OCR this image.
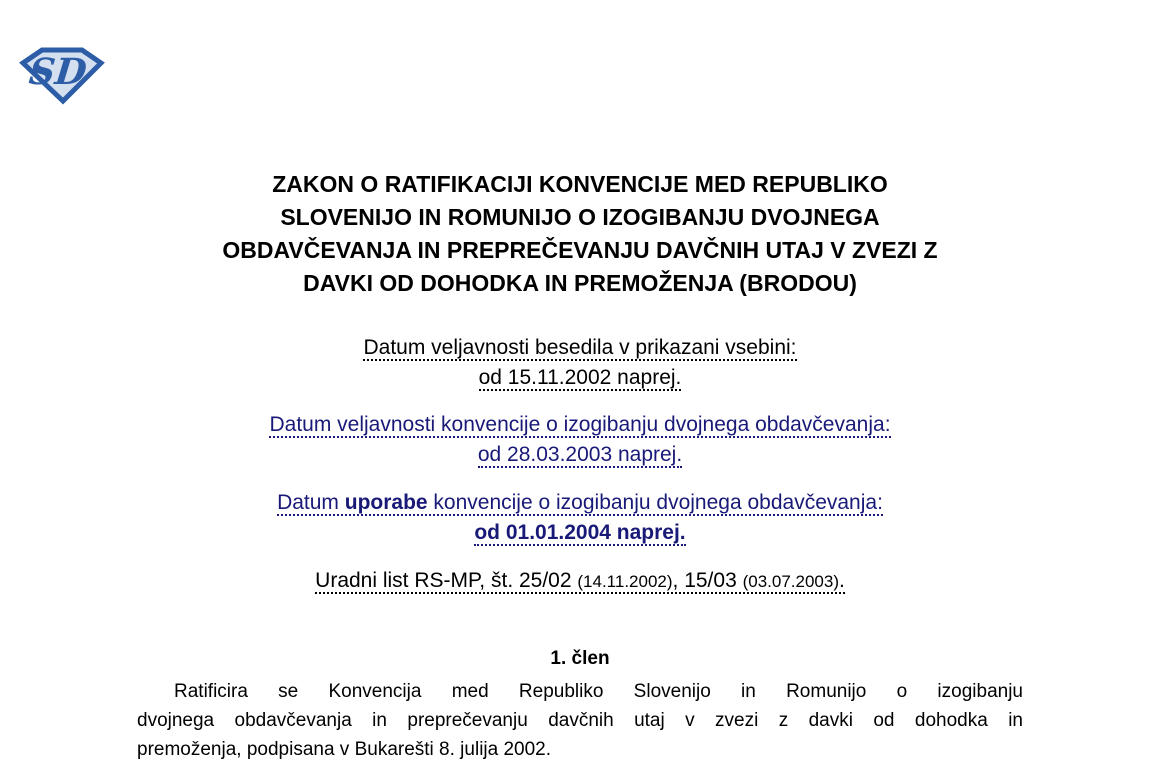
SD
ZAKON O RATIFIKACIJI KONVENCIJE MED REPUBLIKO
SLOVENIJO IN ROMUNIJO O IZOGIBANJU DVOJNEGA
OBDAVČEVANJA IN PREPREČEVANJU DAVČNIH UTAJ V ZVEZI Z
DAVKI OD DOHODKA IN PREMOŽENJA (BRODOU)
Datum veljavnosti besedila v prikazani vsebini:
od 15.11.2002 naprej.
Datum veljavnosti konvencije o izogibanju dvojnega obdavčevanja:
od 28.03.2003 naprej.
Datum uporabe konvencije o izogibanju dvojnega obdavčevanja:
od 01.01.2004 naprej.
Uradni list RS-MP, št. 25/02 (14.11.2002), 15/03 (03.07.2003).
1. člen
Ratificira se Konvencija med Republiko Slovenijo in Romunijo o izogibanju
dvojnega obdavčevanja in preprečevanju davčnih utaj v zvezi z davki od dohodka in
premoženja, podpisana v Bukarešti 8. julija 2002.
